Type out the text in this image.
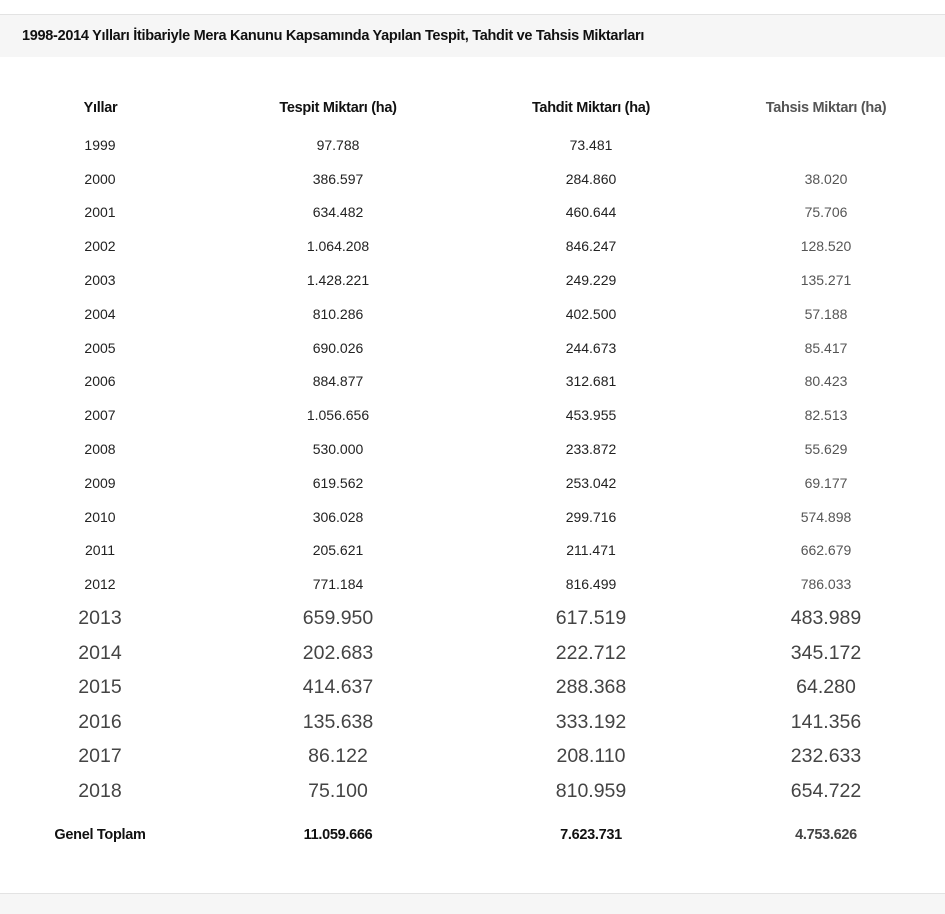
1998-2014 Yılları İtibariyle Mera Kanunu Kapsamında Yapılan Tespit, Tahdit ve Tahsis Miktarları
Yıllar	Tespit Miktarı (ha)	Tahdit Miktarı (ha)	Tahsis Miktarı (ha)
1999	97.788	73.481	
2000	386.597	284.860	38.020
2001	634.482	460.644	75.706
2002	1.064.208	846.247	128.520
2003	1.428.221	249.229	135.271
2004	810.286	402.500	57.188
2005	690.026	244.673	85.417
2006	884.877	312.681	80.423
2007	1.056.656	453.955	82.513
2008	530.000	233.872	55.629
2009	619.562	253.042	69.177
2010	306.028	299.716	574.898
2011	205.621	211.471	662.679
2012	771.184	816.499	786.033
2013	659.950	617.519	483.989
2014	202.683	222.712	345.172
2015	414.637	288.368	64.280
2016	135.638	333.192	141.356
2017	86.122	208.110	232.633
2018	75.100	810.959	654.722
Genel Toplam	11.059.666	7.623.731	4.753.626
